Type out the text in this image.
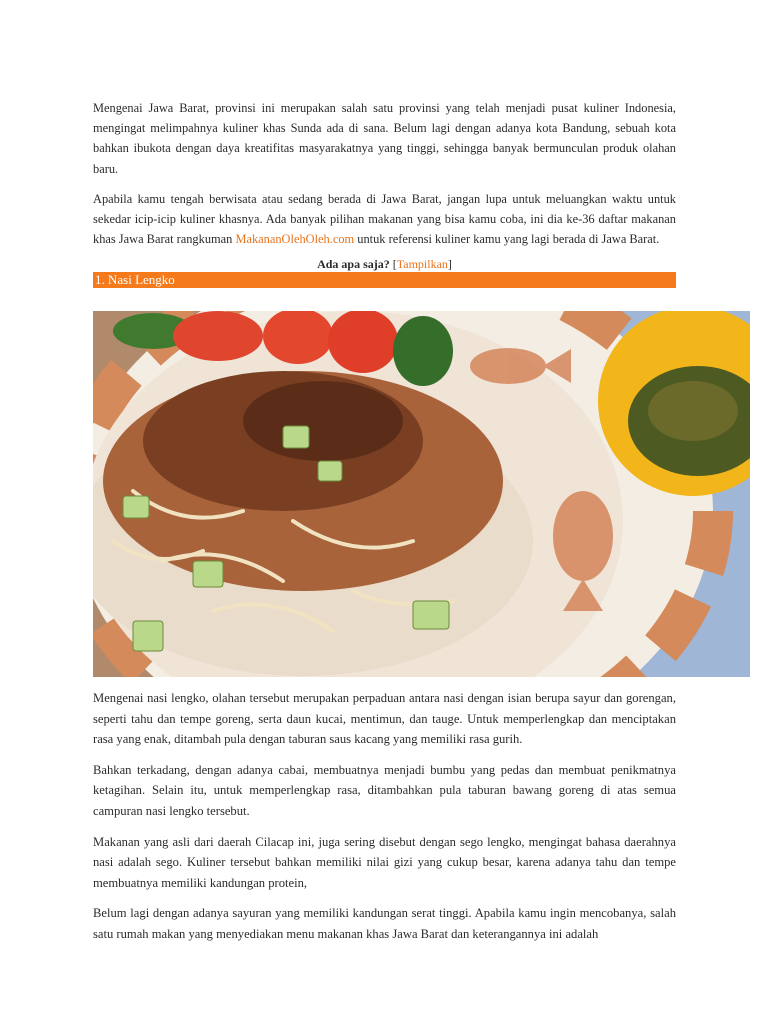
Mengenai Jawa Barat, provinsi ini merupakan salah satu provinsi yang telah menjadi pusat kuliner Indonesia, mengingat melimpahnya kuliner khas Sunda ada di sana. Belum lagi dengan adanya kota Bandung, sebuah kota bahkan ibukota dengan daya kreatifitas masyarakatnya yang tinggi, sehingga banyak bermunculan produk olahan baru.

Apabila kamu tengah berwisata atau sedang berada di Jawa Barat, jangan lupa untuk meluangkan waktu untuk sekedar icip-icip kuliner khasnya. Ada banyak pilihan makanan yang bisa kamu coba, ini dia ke-36 daftar makanan khas Jawa Barat rangkuman MakananOlehOleh.com untuk referensi kuliner kamu yang lagi berada di Jawa Barat.

Ada apa saja? [Tampilkan]
1. Nasi Lengko

Mengenai nasi lengko, olahan tersebut merupakan perpaduan antara nasi dengan isian berupa sayur dan gorengan, seperti tahu dan tempe goreng, serta daun kucai, mentimun, dan tauge. Untuk memperlengkap dan menciptakan rasa yang enak, ditambah pula dengan taburan saus kacang yang memiliki rasa gurih.

Bahkan terkadang, dengan adanya cabai, membuatnya menjadi bumbu yang pedas dan membuat penikmatnya ketagihan. Selain itu, untuk memperlengkap rasa, ditambahkan pula taburan bawang goreng di atas semua campuran nasi lengko tersebut.

Makanan yang asli dari daerah Cilacap ini, juga sering disebut dengan sego lengko, mengingat bahasa daerahnya nasi adalah sego. Kuliner tersebut bahkan memiliki nilai gizi yang cukup besar, karena adanya tahu dan tempe membuatnya memiliki kandungan protein,

Belum lagi dengan adanya sayuran yang memiliki kandungan serat tinggi. Apabila kamu ingin mencobanya, salah satu rumah makan yang menyediakan menu makanan khas Jawa Barat dan keterangannya ini adalah
